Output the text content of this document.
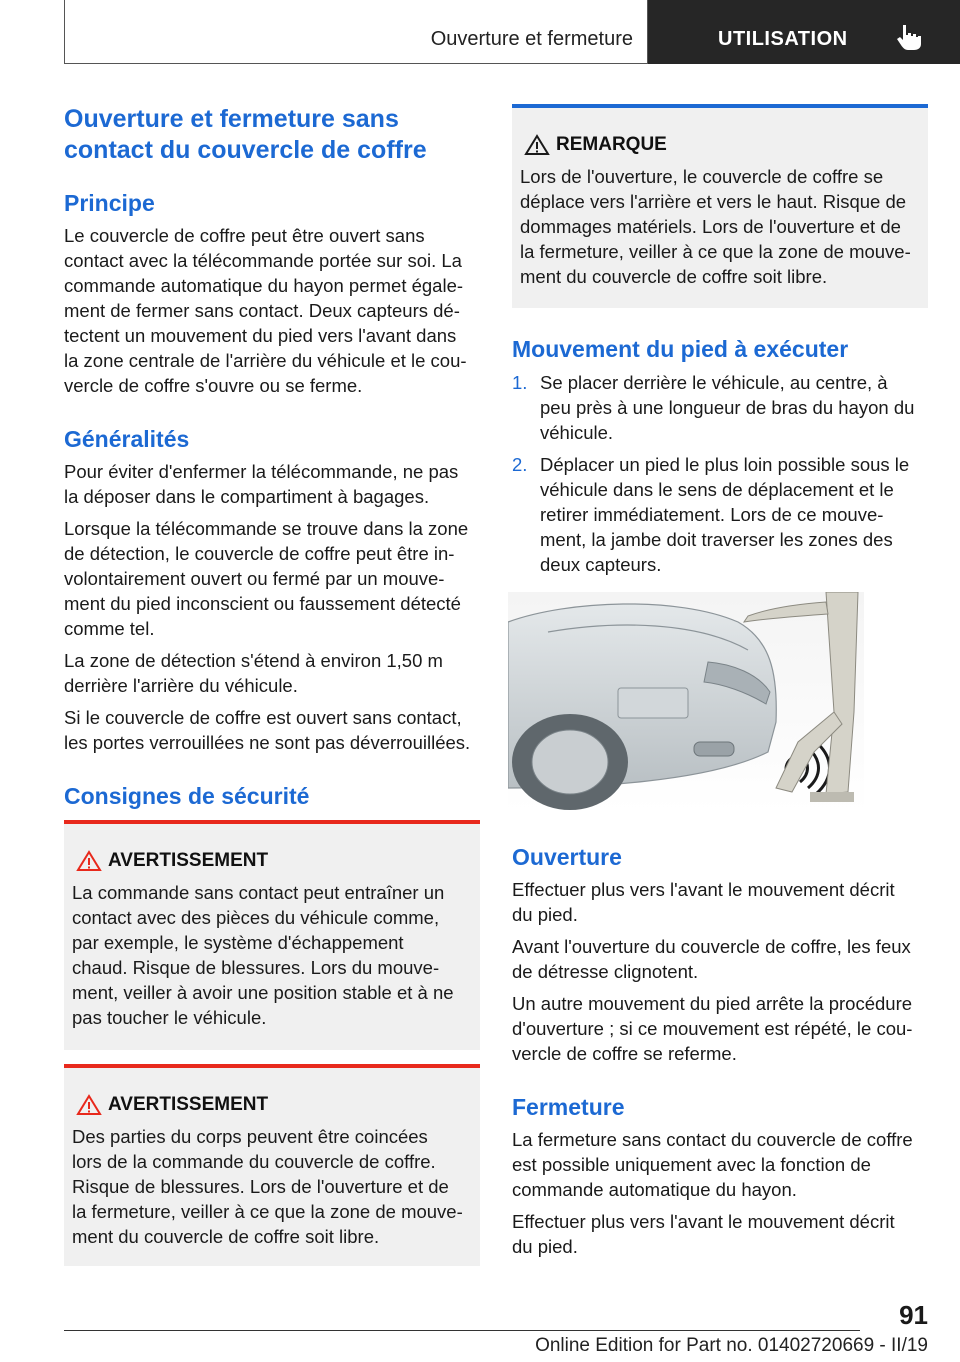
Ouverture et fermeture	UTILISATION
Ouverture et fermeture sans
contact du couvercle de coffre
Principe

Le couvercle de coffre peut être ouvert sans

contact avec la télécommande portée sur soi. La

commande automatique du hayon permet égale‐

ment de fermer sans contact. Deux capteurs dé‐

tectent un mouvement du pied vers l'avant dans

la zone centrale de l'arrière du véhicule et le cou‐

vercle de coffre s'ouvre ou se ferme.

Généralités

Pour éviter d'enfermer la télécommande, ne pas

la déposer dans le compartiment à bagages.

Lorsque la télécommande se trouve dans la zone

de détection, le couvercle de coffre peut être in‐

volontairement ouvert ou fermé par un mouve‐

ment du pied inconscient ou faussement détecté

comme tel.

La zone de détection s'étend à environ 1,50 m

derrière l'arrière du véhicule.

Si le couvercle de coffre est ouvert sans contact,

les portes verrouillées ne sont pas déverrouillées.

Consignes de sécurité
AVERTISSEMENT

La commande sans contact peut entraîner un

contact avec des pièces du véhicule comme,

par exemple, le système d'échappement

chaud. Risque de blessures. Lors du mouve‐

ment, veiller à avoir une position stable et à ne

pas toucher le véhicule.

AVERTISSEMENT

Des parties du corps peuvent être coincées

lors de la commande du couvercle de coffre.

Risque de blessures. Lors de l'ouverture et de

la fermeture, veiller à ce que la zone de mouve‐

ment du couvercle de coffre soit libre.

REMARQUE

Lors de l'ouverture, le couvercle de coffre se

déplace vers l'arrière et vers le haut. Risque de

dommages matériels. Lors de l'ouverture et de

la fermeture, veiller à ce que la zone de mouve‐

ment du couvercle de coffre soit libre.

Mouvement du pied à exécuter
1. Se placer derrière le véhicule, au centre, à
peu près à une longueur de bras du hayon du
véhicule.
2. Déplacer un pied le plus loin possible sous le
véhicule dans le sens de déplacement et le
retirer immédiatement. Lors de ce mouve‐
ment, la jambe doit traverser les zones des
deux capteurs.
Ouverture

Effectuer plus vers l'avant le mouvement décrit

du pied.

Avant l'ouverture du couvercle de coffre, les feux

de détresse clignotent.

Un autre mouvement du pied arrête la procédure

d'ouverture ; si ce mouvement est répété, le cou‐

vercle de coffre se referme.

Fermeture

La fermeture sans contact du couvercle de coffre

est possible uniquement avec la fonction de

commande automatique du hayon.

Effectuer plus vers l'avant le mouvement décrit

du pied.

91
Online Edition for Part no. 01402720669 - II/19
